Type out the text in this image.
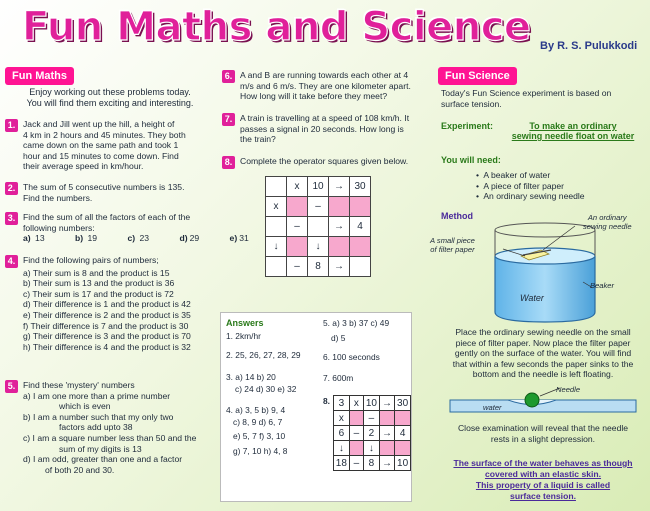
Fun Maths and Science By R. S. Pulukkodi
Fun Maths
Enjoy working out these problems today.
You will find them exciting and interesting.
1. Jack and Jill went up the hill, a height of
4 km in 2 hours and 45 minutes. They both
came down on the same path and took 1
hour and 15 minutes to come down. Find
their average speed in km/hour.
2. The sum of 5 consecutive numbers is 135.
Find the numbers.
3. Find the sum of all the factors of each of the
following numbers:
a) 13	b) 19	c) 23	d) 29	e) 31
4. Find the following pairs of numbers;
a) Their sum is 8 and the product is 15
b) Their sum is 13 and the product is 36
c) Their sum is 17 and the product is 72
d) Their difference is 1 and the product is 42
e) Their difference is 2 and the product is 35
f) Their difference is 7 and the product is 30
g) Their difference is 3 and the product is 70
h) Their difference is 4 and the product is 32
5. Find these 'mystery' numbers
a) I am one more than a prime number
which is even
b) I am a number such that my only two
factors add upto 38
c) I am a square number less than 50 and the
sum of my digits is 13
d) I am odd, greater than one and a factor
of both 20 and 30.
6. A and B are running towards each other at 4
m/s and 6 m/s. They are one kilometer apart.
How long will it take before they meet?
7. A train is travelling at a speed of 108 km/h. It
passes a signal in 20 seconds. How long is
the train?
8. Complete the operator squares given below.
	x	10	→	30
x		–		
	–		→	4
↓		↓		
	–	8	→	
Answers
1. 2km/hr
2. 25, 26, 27, 28, 29
3. a) 14 b) 20
c) 24 d) 30 e) 32
4. a) 3, 5 b) 9, 4
c) 8, 9 d) 6, 7
e) 5, 7 f) 3, 10
g) 7, 10 h) 4, 8
5. a) 3 b) 37 c) 49
d) 5
6. 100 seconds
7. 600m
8. 3	x	10	→	30
x		–		
6	–	2	→	4
↓		↓		
18	–	8	→	10
Fun Science
Today's Fun Science experiment is based on
surface tension.
Experiment:	To make an ordinary
sewing needle float on water
You will need:
•  A beaker of water
•  A piece of filter paper
•  An ordinary sewing needle
Method	An ordinary
sewing needle
A small piece
of filter paper
Water
Beaker
Place the ordinary sewing needle on the small
piece of filter paper. Now place the filter paper
gently on the surface of the water. You will find
that within a few seconds the paper sinks to the
bottom and the needle is left floating.
Needle
water
Close examination will reveal that the needle
rests in a slight depression.
The surface of the water behaves as though
covered with an elastic skin.
This property of a liquid is called
surface tension.
